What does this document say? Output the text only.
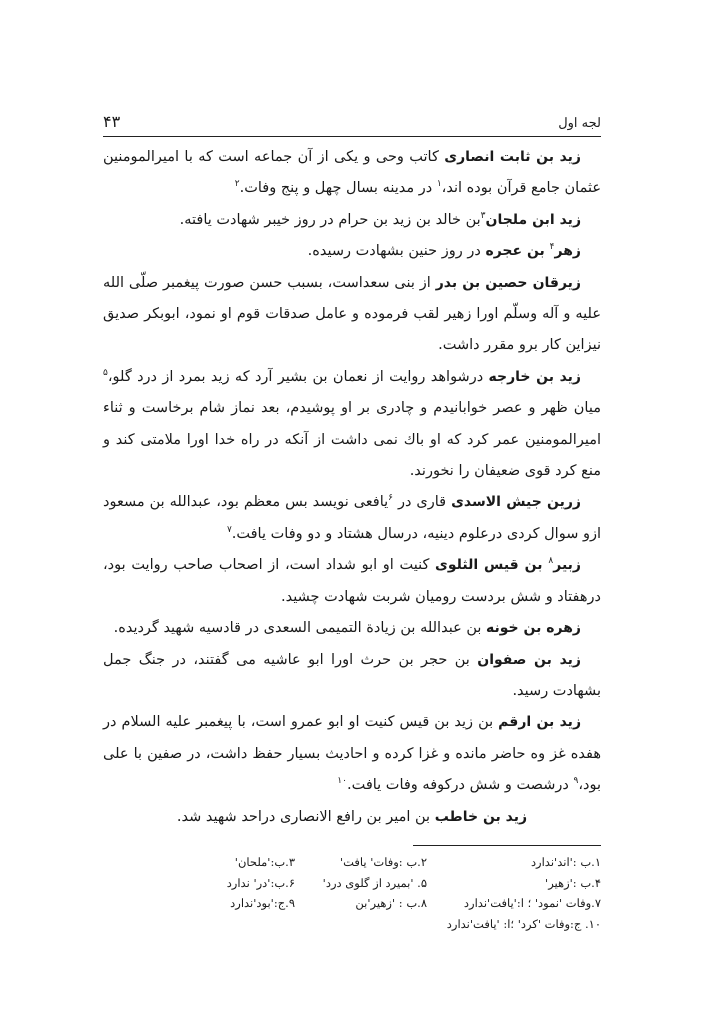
لجه اول
۴۳

زید بن ثابت انصاری کاتب وحی و یکی از آن جماعه است که با امیرالمومنین عثمان جامع قرآن بوده اند،$^۱$ در مدینه بسال چهل و پنج وفات.$^۲$

زید ابن ملجان$^۳$بن خالد بن زید بن حرام در روز خیبر شهادت یافته.

زهر$^۴$ بن عجره در روز حنین بشهادت رسیده.

زیرقان حصین بن بدر از بنی سعداست، بسبب حسن صورت پیغمبر صلّی الله علیه و آله وسلّم اورا زهیر لقب فرموده و عامل صدقات قوم او نمود، ابوبکر صدیق نیزاین کار برو مقرر داشت.

زید بن خارجه درشواهد روایت از نعمان بن بشیر آرد که زید بمرد از درد گلو،$^۵$ میان ظهر و عصر خوابانیدم و چادری بر او پوشیدم، بعد نماز شام برخاست و ثناء امیرالمومنین عمر کرد که او باك نمی داشت از آنکه در راه خدا اورا ملامتی کند و منع کرد قوی ضعیفان را نخورند.

زرین جیش الاسدی قاری در $^۶$یافعی نویسد بس معظم بود، عبدالله بن مسعود ازو سوال کردی درعلوم دینیه، درسال هشتاد و دو وفات یافت.$^۷$

زبیر$^۸$ بن قیس الثلوی کنیت او ابو شداد است، از اصحاب صاحب روایت بود، درهفتاد و شش بردست رومیان شربت شهادت چشید.

زهره بن خونه بن عبدالله بن زیادة التمیمی السعدی در قادسیه شهید گردیده.

زید بن صفوان بن حجر بن حرث اورا ابو عاشیه می گفتند، در جنگ جمل بشهادت رسید.

زید بن ارقم بن زید بن قیس کنیت او ابو عمرو است، با پیغمبر علیه السلام در هفده غز وه حاضر مانده و غزا کرده و احادیث بسیار حفظ داشت، در صفین با علی بود،$^۹$ درشصت و شش درکوفه وفات یافت.$^{۱۰}$

زید بن خاطب بن امیر بن رافع الانصاری دراحد شهید شد.

۱.ب :'اند'ندارد
۲.ب :وفات' یافت'
۳.ب:'ملحان'
۴.ب :'زهیر'
۵. 'بمیرد از گلوی درد'
۶.ب:'در' ندارد
۷.وفات 'نمود' ؛ ا:'یافت'ندارد
۸.ب : 'زهیر'بن
۹.ج:'بود'ندارد
۱۰. ج:وفات 'کرد' ؛ا: 'یافت'ندارد
